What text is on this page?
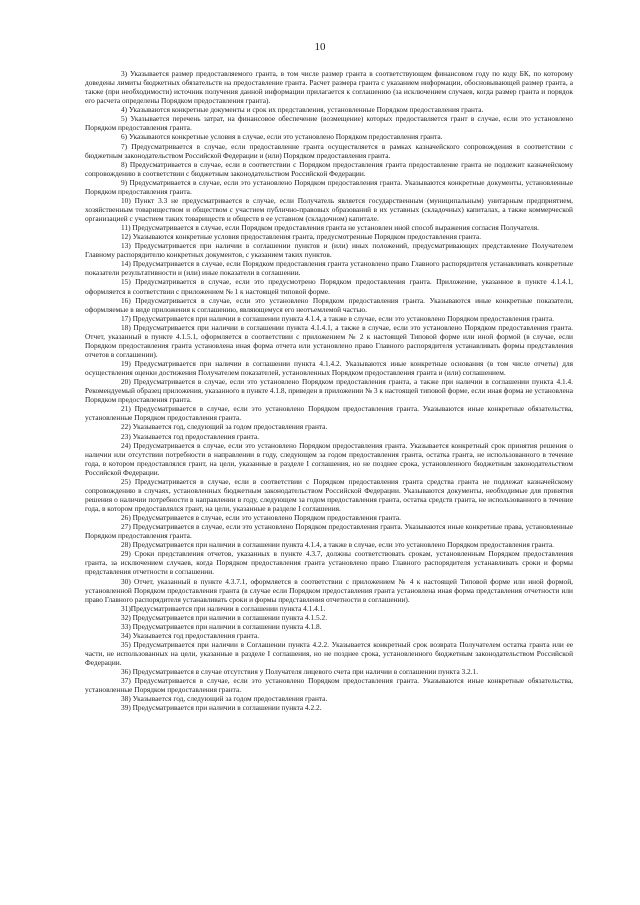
10

3) Указывается размер предоставляемого гранта, в том числе размер гранта в соответствующем финансовом году по коду БК, по которому доведены лимиты бюджетных обязательств на предоставление гранта. Расчет размера гранта с указанием информации, обосновывающей размер гранта, а также (при необходимости) источник получения данной информации прилагается к соглашению (за исключением случаев, когда размер гранта и порядок его расчета определены Порядком предоставления гранта).

4) Указываются конкретные документы и срок их представления, установленные Порядком предоставления гранта.

5) Указывается перечень затрат, на финансовое обеспечение (возмещение) которых предоставляется грант в случае, если это установлено Порядком предоставления гранта.

6) Указываются конкретные условия в случае, если это установлено Порядком предоставления гранта.

7) Предусматривается в случае, если предоставление гранта осуществляется в рамках казначейского сопровождения в соответствии с бюджетным законодательством Российской Федерации и (или) Порядком предоставления гранта.

8) Предусматривается в случае, если в соответствии с Порядком предоставления гранта предоставление гранта не подлежит казначейскому сопровождению в соответствии с бюджетным законодательством Российской Федерации.

9) Предусматривается в случае, если это установлено Порядком предоставления гранта. Указываются конкретные документы, установленные Порядком предоставления гранта.

10) Пункт 3.3 не предусматривается в случае, если Получатель является государственным (муниципальным) унитарным предприятием, хозяйственным товариществом и обществом с участием публично-правовых образований в их уставных (складочных) капиталах, а также коммерческой организацией с участием таких товариществ и обществ в ее уставном (складочном) капитале.

11) Предусматривается в случае, если Порядком предоставления гранта не установлен иной способ выражения согласия Получателя.

12) Указываются конкретные условия предоставления гранта, предусмотренные Порядком предоставления гранта.

13) Предусматривается при наличии в соглашении пунктов и (или) иных положений, предусматривающих представление Получателем Главному распорядителю конкретных документов, с указанием таких пунктов.

14) Предусматривается в случае, если Порядком предоставления гранта установлено право Главного распорядителя устанавливать конкретные показатели результативности и (или) иные показатели в соглашении.

15) Предусматривается в случае, если это предусмотрено Порядком предоставления гранта. Приложение, указанное в пункте 4.1.4.1, оформляется в соответствии с приложением № 1 к настоящей типовой форме.

16) Предусматривается в случае, если это установлено Порядком предоставления гранта. Указываются иные конкретные показатели, оформляемые в виде приложения к соглашению, являющемуся его неотъемлемой частью.

17) Предусматривается при наличии в соглашении пункта 4.1.4, а также в случае, если это установлено Порядком предоставления гранта.

18) Предусматривается при наличии в соглашении пункта 4.1.4.1, а также в случае, если это установлено Порядком предоставления гранта. Отчет, указанный в пункте 4.1.5.1, оформляется в соответствии с приложением № 2 к настоящей Типовой форме или иной формой (в случае, если Порядком предоставления гранта установлена иная форма отчета или установлено право Главного распорядителя устанавливать формы представления отчетов в соглашении).

19) Предусматривается при наличии в соглашении пункта 4.1.4.2. Указываются иные конкретные основания (в том числе отчеты) для осуществления оценки достижения Получателем показателей, установленных Порядком предоставления гранта и (или) соглашением.

20) Предусматривается в случае, если это установлено Порядком предоставления гранта, а также при наличии в соглашении пункта 4.1.4. Рекомендуемый образец приложения, указанного в пункте 4.1.8, приведен в приложении № 3 к настоящей типовой форме, если иная форма не установлена Порядком предоставления гранта.

21) Предусматривается в случае, если это установлено Порядком предоставления гранта. Указываются иные конкретные обязательства, установленные Порядком предоставления гранта.

22) Указывается год, следующий за годом предоставления гранта.

23) Указывается год предоставления гранта.

24) Предусматривается в случае, если это установлено Порядком предоставления гранта. Указывается конкретный срок принятия решения о наличии или отсутствии потребности в направлении в году, следующем за годом предоставления гранта, остатка гранта, не использованного в течение года, в котором предоставлялся грант, на цели, указанные в разделе I соглашения, но не позднее срока, установленного бюджетным законодательством Российской Федерации.

25) Предусматривается в случае, если в соответствии с Порядком предоставления гранта средства гранта не подлежат казначейскому сопровождению в случаях, установленных бюджетным законодательством Российской Федерации. Указываются документы, необходимые для принятия решения о наличии потребности в направлении в году, следующем за годом предоставления гранта, остатка средств гранта, не использованного в течение года, в котором предоставлялся грант, на цели, указанные в разделе I соглашения.

26) Предусматривается в случае, если это установлено Порядком предоставления гранта.

27) Предусматривается в случае, если это установлено Порядком предоставления гранта. Указываются иные конкретные права, установленные Порядком предоставления гранта.

28) Предусматривается при наличии в соглашении пункта 4.1.4, а также в случае, если это установлено Порядком предоставления гранта.

29) Сроки представления отчетов, указанных в пункте 4.3.7, должны соответствовать срокам, установленным Порядком предоставления гранта, за исключением случаев, когда Порядком предоставления гранта установлено право Главного распорядителя устанавливать сроки и формы представления отчетности в соглашении.

30) Отчет, указанный в пункте 4.3.7.1, оформляется в соответствии с приложением № 4 к настоящей Типовой форме или иной формой, установленной Порядком предоставления гранта (в случае если Порядком предоставления гранта установлена иная форма представления отчетности или право Главного распорядителя устанавливать сроки и формы представления отчетности в соглашении).

31)Предусматривается при наличии в соглашении пункта 4.1.4.1.

32) Предусматривается при наличии в соглашении пункта 4.1.5.2.

33) Предусматривается при наличии в соглашении пункта 4.1.8.

34) Указывается год предоставления гранта.

35) Предусматривается при наличии в Соглашении пункта 4.2.2. Указывается конкретный срок возврата Получателем остатка гранта или ее части, не использованных на цели, указанные в разделе I соглашения, но не позднее срока, установленного бюджетным законодательством Российской Федерации.

36) Предусматривается в случае отсутствия у Получателя лицевого счета при наличии в соглашении пункта 3.2.1.

37) Предусматривается в случае, если это установлено Порядком предоставления гранта. Указываются иные конкретные обязательства, установленные Порядком предоставления гранта.

38) Указывается год, следующий за годом предоставления гранта.

39) Предусматривается при наличии в соглашении пункта 4.2.2.
